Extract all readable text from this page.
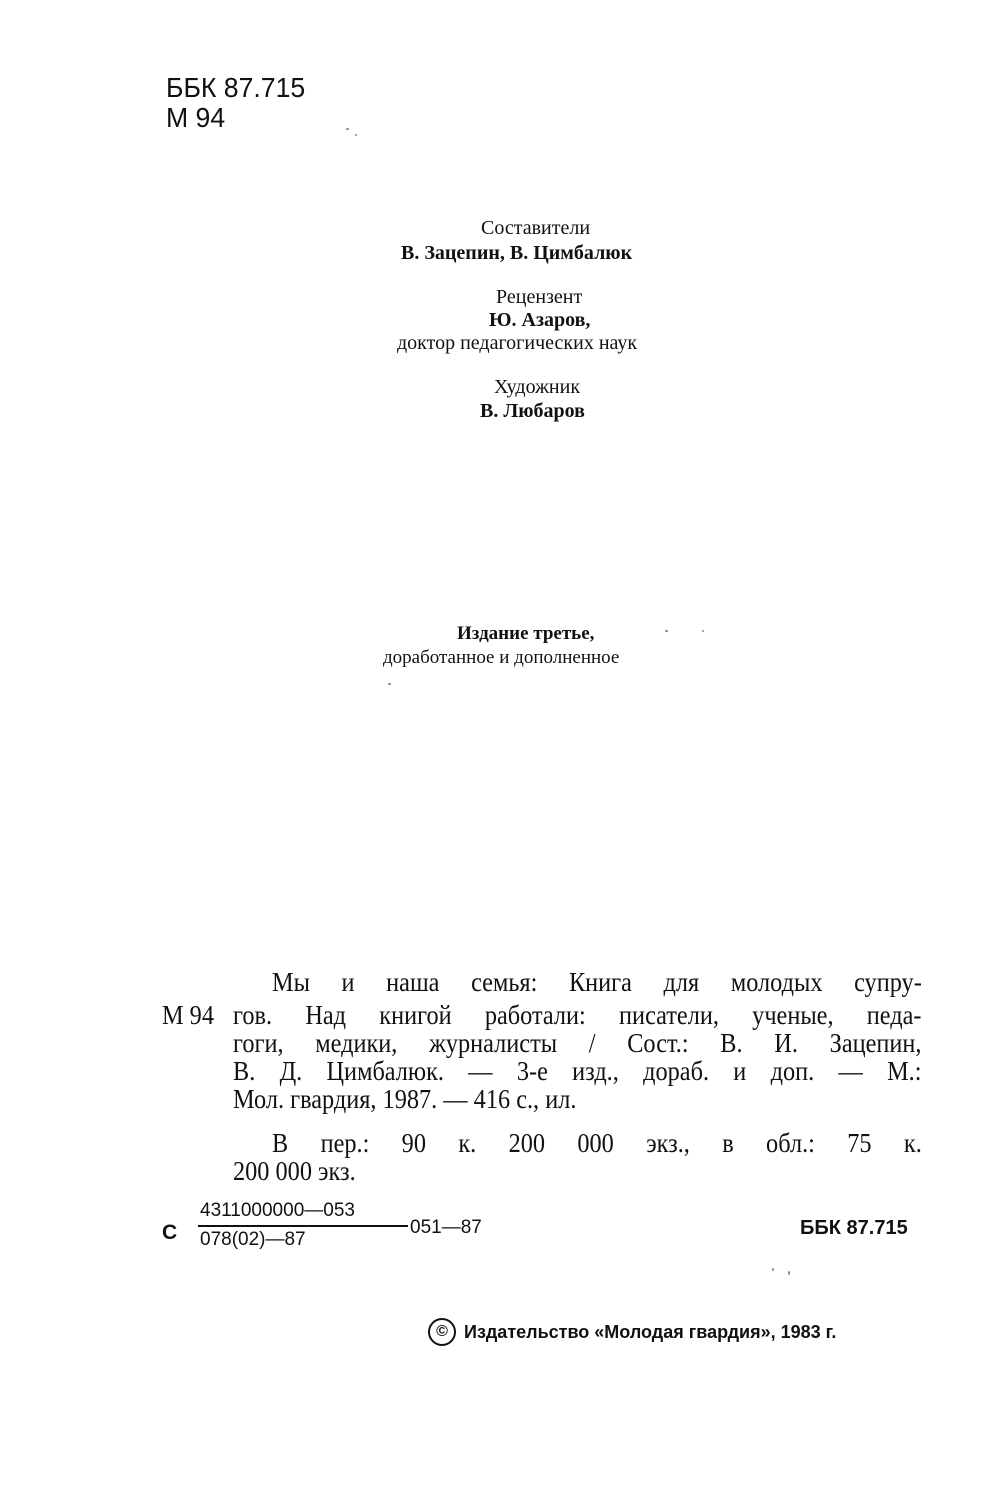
ББК 87.715
М 94
Составители
В. Зацепин, В. Цимбалюк
Рецензент
Ю. Азаров,
доктор педагогических наук
Художник
В. Любаров
Издание третье,
доработанное и дополненное
М 94
Мы и наша семья: Книга для молодых супру-
гов. Над книгой работали: писатели, ученые, педа-
гоги, медики, журналисты / Сост.: В. И. Зацепин,
В. Д. Цимбалюк. — 3-е изд., дораб. и доп. — М.:
Мол. гвардия, 1987. — 416 с., ил.
В пер.: 90 к. 200 000 экз., в обл.: 75 к.
200 000 экз.
С
4311000000—053
078(02)—87
051—87	ББК 87.715
© Издательство «Молодая гвардия», 1983 г.
